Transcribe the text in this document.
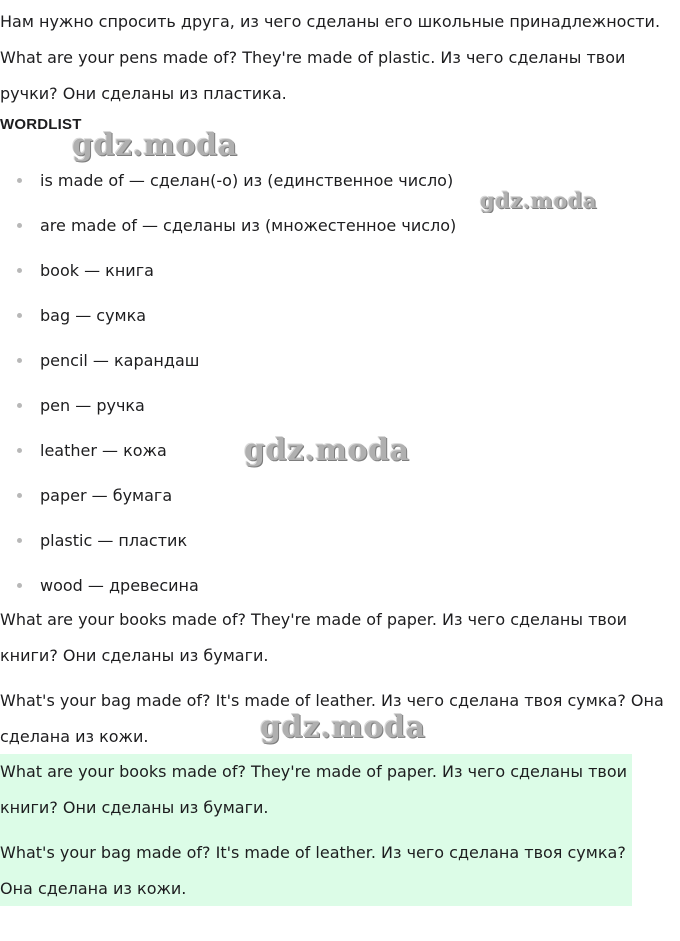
Нам нужно спросить друга, из чего сделаны его школьные принадлежности. What are your pens made of? They're made of plastic. Из чего сделаны твои ручки? Они сделаны из пластика.

WORDLIST
is made of — сделан(-о) из (единственное число)
are made of — сделаны из (множестенное число)
book — книга
bag — сумка
pencil — карандаш
pen — ручка
leather — кожа
paper — бумага
plastic — пластик
wood — древесина

What are your books made of? They're made of paper. Из чего сделаны твои книги? Они сделаны из бумаги.

What's your bag made of? It's made of leather. Из чего сделана твоя сумка? Она сделана из кожи.

What are your books made of? They're made of paper. Из чего сделаны твои книги? Они сделаны из бумаги.

What's your bag made of? It's made of leather. Из чего сделана твоя сумка? Она сделана из кожи.

gdz.moda
gdz.moda
gdz.moda
gdz.moda
